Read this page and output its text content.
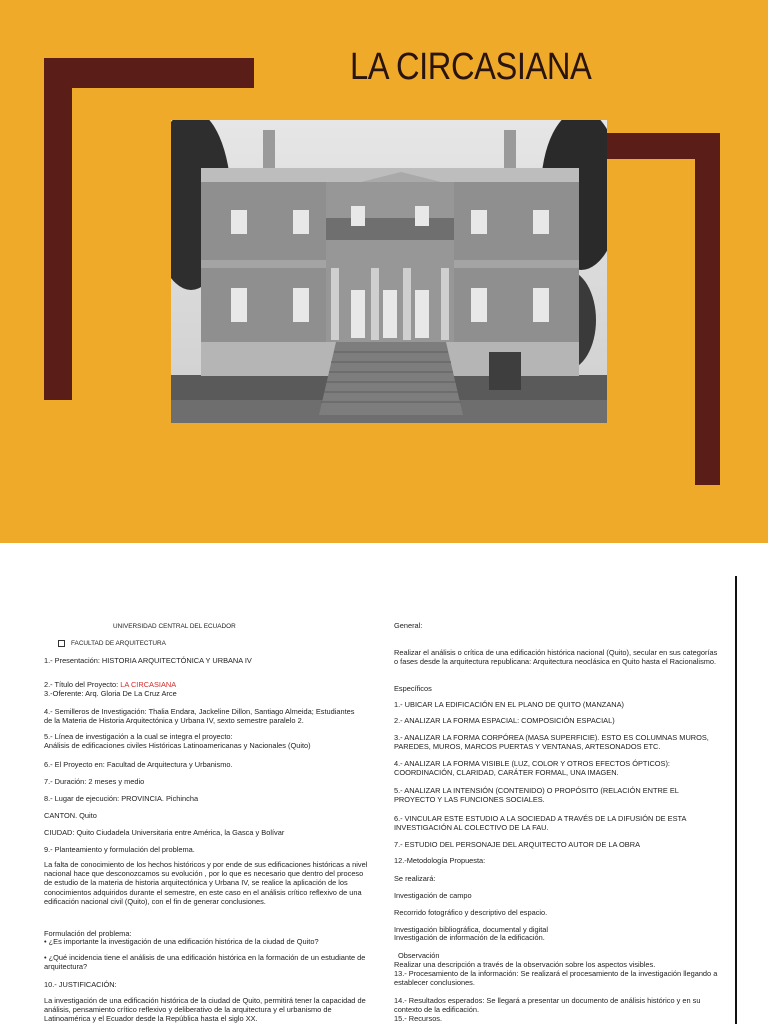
LA CIRCASIANA
UNIVERSIDAD CENTRAL DEL ECUADOR
FACULTAD DE ARQUITECTURA
1.- Presentación: HISTORIA ARQUITECTÓNICA Y URBANA IV
2.- Título del Proyecto: LA CIRCASIANA
3.-Oferente: Arq. Gloria De La Cruz Arce
4.- Semilleros de Investigación: Thalia Endara, Jackeline Dillon, Santiago Almeida; Estudiantes de la Materia de Historia Arquitectónica y Urbana IV, sexto semestre paralelo 2.
5.- Línea de investigación a la cual se integra el proyecto:
Análisis de edificaciones civiles Históricas Latinoamericanas y Nacionales (Quito)
6.- El Proyecto en: Facultad de Arquitectura y Urbanismo.
7.- Duración: 2 meses y medio
8.- Lugar de ejecución: PROVINCIA. Pichincha
CANTON. Quito
CIUDAD: Quito Ciudadela Universitaria entre América, la Gasca y Bolívar
9.- Planteamiento y formulación del problema.
La falta de conocimiento de los hechos históricos y por ende de sus edificaciones históricas a nivel nacional hace que desconozcamos su evolución , por lo que es necesario que dentro del proceso de estudio de la materia de historia arquitectónica y Urbana IV, se realice la aplicación de los conocimientos adquiridos durante el semestre, en este caso en el análisis crítico reflexivo de una edificación nacional civil (Quito), con el fin de generar conclusiones.
Formulación del problema:
• ¿Es importante la investigación de una edificación histórica de la ciudad de Quito?
• ¿Qué incidencia tiene el análisis de una edificación histórica en la formación de un estudiante de arquitectura?
10.- JUSTIFICACIÓN:
La investigación de una edificación histórica de la ciudad de Quito, permitirá tener la capacidad de análisis, pensamiento crítico reflexivo y deliberativo de la arquitectura y el urbanismo de Latinoamérica y el Ecuador desde la República hasta el siglo XX.
General:
Realizar el análisis o crítica de una edificación histórica nacional (Quito), secular en sus categorías o fases desde la arquitectura republicana: Arquitectura neoclásica en Quito hasta el Racionalismo.
Específicos
1.- UBICAR LA EDIFICACIÓN EN EL PLANO DE QUITO (MANZANA)
2.- ANALIZAR LA FORMA ESPACIAL: COMPOSICIÓN ESPACIAL)
3.- ANALIZAR LA FORMA CORPÓREA (MASA SUPERFICIE). ESTO ES COLUMNAS MUROS, PAREDES, MUROS, MARCOS PUERTAS Y VENTANAS, ARTESONADOS ETC.
4.- ANALIZAR LA FORMA VISIBLE (LUZ, COLOR Y OTROS EFECTOS ÓPTICOS): COORDINACIÓN, CLARIDAD, CARÁTER FORMAL, UNA IMAGEN.
5.- ANALIZAR LA INTENSIÓN (CONTENIDO) O PROPÓSITO (RELACIÓN ENTRE EL PROYECTO Y LAS FUNCIONES SOCIALES.
6.- VINCULAR ESTE ESTUDIO A LA SOCIEDAD A TRAVÉS DE LA DIFUSIÓN DE ESTA INVESTIGACIÓN AL COLECTIVO DE LA FAU.
7.- ESTUDIO DEL PERSONAJE DEL ARQUITECTO AUTOR DE LA OBRA
12.-Metodología Propuesta:
Se realizará:
Investigación de campo
Recorrido fotográfico y descriptivo del espacio.
Investigación bibliográfica, documental y digital
Investigación de información de la edificación.
Observación
Realizar una descripción a través de la observación sobre los aspectos visibles.
13.- Procesamiento de la información: Se realizará el procesamiento de la investigación llegando a establecer conclusiones.
14.- Resultados esperados: Se llegará a presentar un documento de análisis histórico y en su contexto de la edificación.
15.- Recursos.
